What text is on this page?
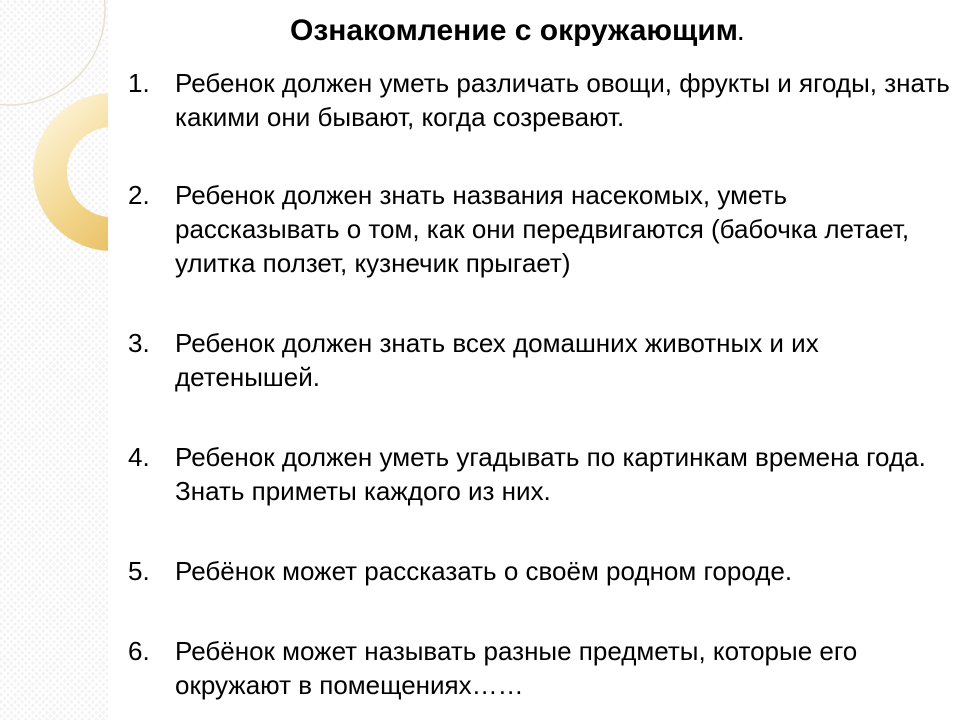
Ознакомление с окружающим.
1. Ребенок должен уметь различать овощи, фрукты и ягоды, знать какими они бывают, когда созревают.
2. Ребенок должен знать названия насекомых, уметь рассказывать о том, как они передвигаются (бабочка летает, улитка ползет, кузнечик прыгает)
3. Ребенок должен знать всех домашних животных и их детенышей.
4. Ребенок должен уметь угадывать по картинкам времена года. Знать приметы каждого из них.
5. Ребёнок может рассказать о своём родном городе.
6. Ребёнок может называть разные предметы, которые его окружают в помещениях……
